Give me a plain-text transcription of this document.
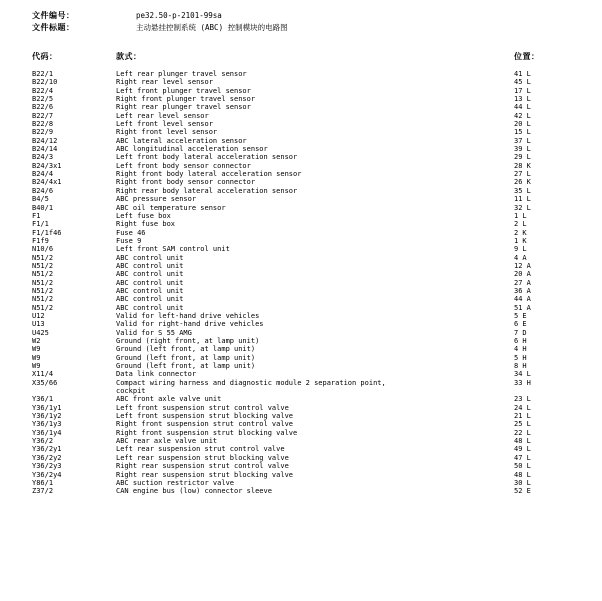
文件编号：	pe32.50-p-2101-99sa
文件标题：	主动悬挂控制系统 (ABC) 控制模块的电路图
代码：	款式：	位置：
B22/1	Left rear plunger travel sensor	41 L
B22/10	Right rear level sensor	45 L
B22/4	Left front plunger travel sensor	17 L
B22/5	Right front plunger travel sensor	13 L
B22/6	Right rear plunger travel sensor	44 L
B22/7	Left rear level sensor	42 L
B22/8	Left front level sensor	20 L
B22/9	Right front level sensor	15 L
B24/12	ABC lateral acceleration sensor	37 L
B24/14	ABC longitudinal acceleration sensor	39 L
B24/3	Left front body lateral acceleration sensor	29 L
B24/3x1	Left front body sensor connector	28 K
B24/4	Right front body lateral acceleration sensor	27 L
B24/4x1	Right front body sensor connector	26 K
B24/6	Right rear body lateral acceleration sensor	35 L
B4/5	ABC pressure sensor	11 L
B40/1	ABC oil temperature sensor	32 L
F1	Left fuse box	1 L
F1/1	Right fuse box	2 L
F1/1f46	Fuse 46	2 K
F1f9	Fuse 9	1 K
N10/6	Left front SAM control unit	9 L
N51/2	ABC control unit	4 A
N51/2	ABC control unit	12 A
N51/2	ABC control unit	20 A
N51/2	ABC control unit	27 A
N51/2	ABC control unit	36 A
N51/2	ABC control unit	44 A
N51/2	ABC control unit	51 A
U12	Valid for left-hand drive vehicles	5 E
U13	Valid for right-hand drive vehicles	6 E
U425	Valid for S 55 AMG	7 D
W2	Ground (right front, at lamp unit)	6 H
W9	Ground (left front, at lamp unit)	4 H
W9	Ground (left front, at lamp unit)	5 H
W9	Ground (left front, at lamp unit)	8 H
X11/4	Data link connector	34 L
X35/66	Compact wiring harness and diagnostic module 2 separation point,	33 H
cockpit
Y36/1	ABC front axle valve unit	23 L
Y36/1y1	Left front suspension strut control valve	24 L
Y36/1y2	Left front suspension strut blocking valve	21 L
Y36/1y3	Right front suspension strut control valve	25 L
Y36/1y4	Right front suspension strut blocking valve	22 L
Y36/2	ABC rear axle valve unit	48 L
Y36/2y1	Left rear suspension strut control valve	49 L
Y36/2y2	Left rear suspension strut blocking valve	47 L
Y36/2y3	Right rear suspension strut control valve	50 L
Y36/2y4	Right rear suspension strut blocking valve	48 L
Y86/1	ABC suction restrictor valve	30 L
Z37/2	CAN engine bus (low) connector sleeve	52 E
